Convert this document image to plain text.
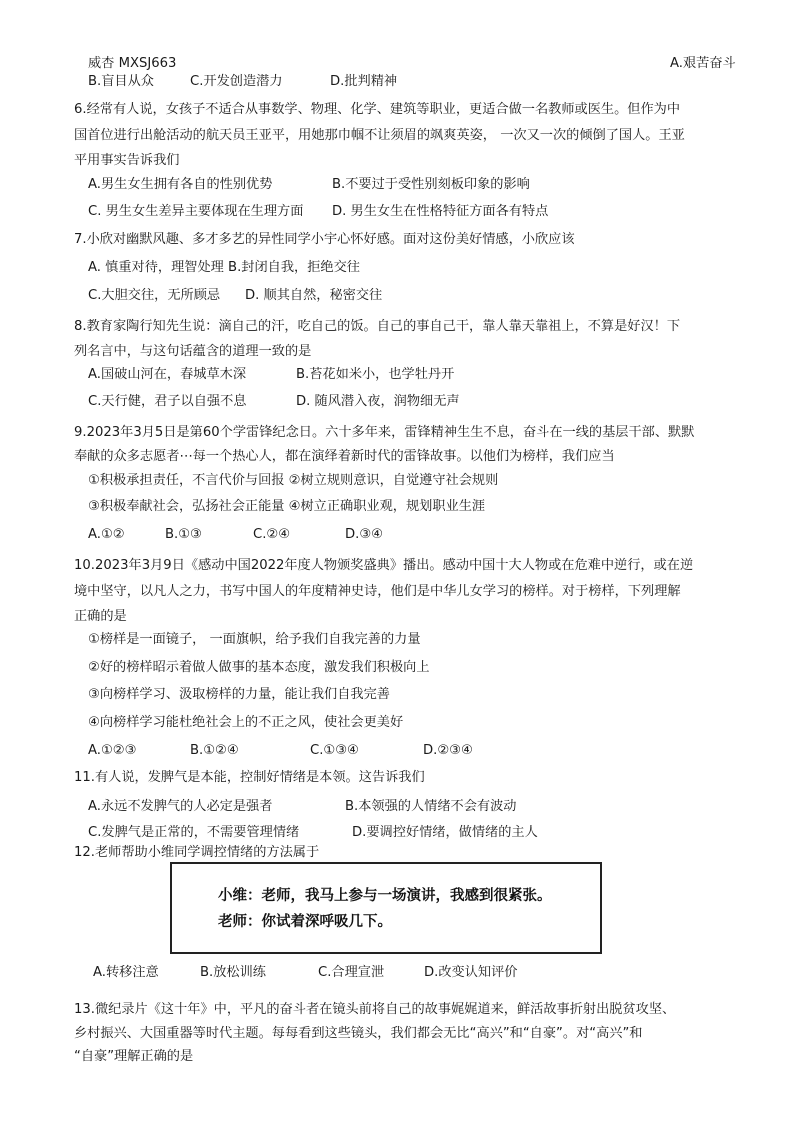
威杏 MXSJ663	A.艰苦奋斗
B.盲目从众	C.开发创造潜力	D.批判精神
6.经常有人说，女孩子不适合从事数学、物理、化学、建筑等职业，更适合做一名教师或医生。但作为中
国首位进行出舱活动的航天员王亚平，用她那巾帼不让须眉的飒爽英姿， 一次又一次的倾倒了国人。王亚
平用事实告诉我们
A.男生女生拥有各自的性别优势	B.不要过于受性别刻板印象的影响
C. 男生女生差异主要体现在生理方面 D. 男生女生在性格特征方面各有特点
7.小欣对幽默风趣、多才多艺的异性同学小宇心怀好感。面对这份美好情感，小欣应该
A. 慎重对待，理智处理 B.封闭自我，拒绝交往
C.大胆交往，无所顾忌 D. 顺其自然，秘密交往
8.教育家陶行知先生说：滴自己的汗，吃自己的饭。自己的事自己干，靠人靠天靠祖上，不算是好汉！下
列名言中，与这句话蕴含的道理一致的是
A.国破山河在，春城草木深	B.苔花如米小，也学牡丹开
C.天行健，君子以自强不息	D. 随风潜入夜，润物细无声
9.2023年3月5日是第60个学雷锋纪念日。六十多年来，雷锋精神生生不息，奋斗在一线的基层干部、默默
奉献的众多志愿者⋯每一个热心人，都在演绎着新时代的雷锋故事。以他们为榜样，我们应当
①积极承担责任，不言代价与回报 ②树立规则意识，自觉遵守社会规则
③积极奉献社会，弘扬社会正能量 ④树立正确职业观，规划职业生涯
A.①②	B.①③	C.②④	D.③④
10.2023年3月9日《感动中国2022年度人物颁奖盛典》播出。感动中国十大人物或在危难中逆行，或在逆
境中坚守，以凡人之力，书写中国人的年度精神史诗，他们是中华儿女学习的榜样。对于榜样，下列理解
正确的是
①榜样是一面镜子， 一面旗帜，给予我们自我完善的力量
②好的榜样昭示着做人做事的基本态度，激发我们积极向上
③向榜样学习、汲取榜样的力量，能让我们自我完善
④向榜样学习能杜绝社会上的不正之风，使社会更美好
A.①②③	B.①②④	C.①③④	D.②③④
11.有人说，发脾气是本能，控制好情绪是本领。这告诉我们
A.永远不发脾气的人必定是强者	B.本领强的人情绪不会有波动
C.发脾气是正常的，不需要管理情绪	D.要调控好情绪，做情绪的主人
12.老师帮助小维同学调控情绪的方法属于
小维：老师，我马上参与一场演讲，我感到很紧张。
老师：你试着深呼吸几下。
A.转移注意	B.放松训练	C.合理宣泄	D.改变认知评价
13.微纪录片《这十年》中，平凡的奋斗者在镜头前将自己的故事娓娓道来，鲜活故事折射出脱贫攻坚、
乡村振兴、大国重器等时代主题。每每看到这些镜头，我们都会无比“高兴”和“自豪”。对“高兴”和
“自豪”理解正确的是
